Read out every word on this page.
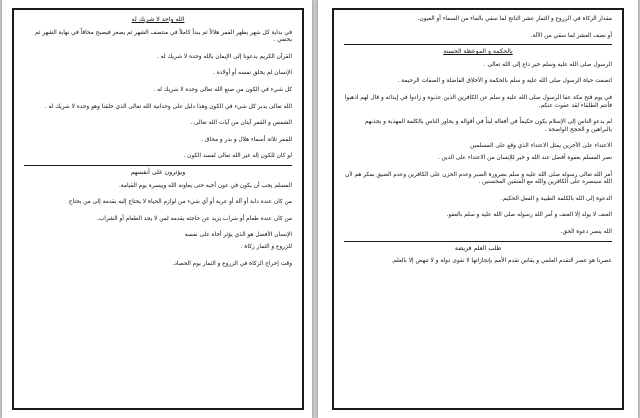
الله واحد لا شريك له

في بداية كل شهر يظهر القمر هلالاً ثم يبدأ كاملاً في منتصف الشهر ثم يصغر فيصبح محاقاً في نهاية الشهر ثم يختفي .

القرآن الكريم يدعونا إلى الإيمان بالله وحده لا شريك له .

الإنسان لم يخلق نفسه أو أولاده .

كل شيء في الكون من صنع الله تعالى وحده لا شريك له .

الله تعالى يدبر كل شيء في الكون وهذا دليل على وحدانية الله تعالى الذي خلقنا وهو وحده لا شريك له .

الشمس و القمر آيتان من آيات الله تعالى .

للقمر ثلاثة أسماء هلال و بدر و محاق .

لو كان للكون إله غير الله تعالى لفسد الكون .

ويؤثرون على أنفسهم

المسلم يجب أن يكون في عون أخيه حتى يعاونه الله وييسره يوم القيامة.

من كان عنده دابة أو آلة أو عربة أو أي شيء من لوازم الحياة لا يحتاج إليه يقدمه إلى من يحتاج

من كان عنده طعام أو شراب يزيد عن حاجته يقدمه لمن لا يجد الطعام أو الشراب.

الإنسان الأفضل هو الذي يؤثر أخاه على نفسه

للزروع و الثمار زكاة .

وقت إخراج الزكاة في الزروع و الثمار يوم الحصاد.

مقدار الزكاة في الزروع و الثمار عشر الناتج لما سقي بالماء من السماء أو العيون.

أو نصف العشر لما سقي من الآلة.

بالحكمة و الموعظة الحسنة

الرسول صلى الله عليه وسلم خير داع إلى الله تعالى .

اتصفت حياة الرسول صلى الله عليه و سلم بالحكمة و الأخلاق الفاضلة و الصفات الرحيمة .

في يوم فتح مكة عفا الرسول صلى الله عليه و سلم عن الكافرين الذين عذبوه و زادوا في إيذائه و قال لهم اذهبوا فأنتم الطلقاء لقد عفوت عنكم.

لم يدعو الناس إلى الإسلام يكون حكيماً في أفعاله ليناً في أقواله و يحاور الناس بالكلمة المهذبة و يجذبهم بالبراهين و الحجج الواضحة .

الاعتداء على الآخرين يمثل الاعتداء الذي وقع على المسلمين

نصر المسلم بعفوه أفضل عند الله و خير للإنسان من الاعتداء على الدين .

أمر الله تعالى رسوله صلى الله عليه و سلم بضرورة الصبر وعدم الحزن على الكافرين وعدم الضيق بمكر هم لأن الله سينصره على الكافرين والله مع المتقين المحسنين .

الدعوة إلى الله بالكلمة الطيبة و الفعل الحكيم.

العنف لا يولد إلا العنف و أمر الله رسوله صلى الله عليه و سلم بالعفو.

الله ينصر دعوة الحق.

طلب العلم فريضة

عصرنا هو عصر التقدم العلمي و يقاس تقدم الأمم بإنجازاتها لا تقوى دولة و لا تنهض إلا بالعلم.
